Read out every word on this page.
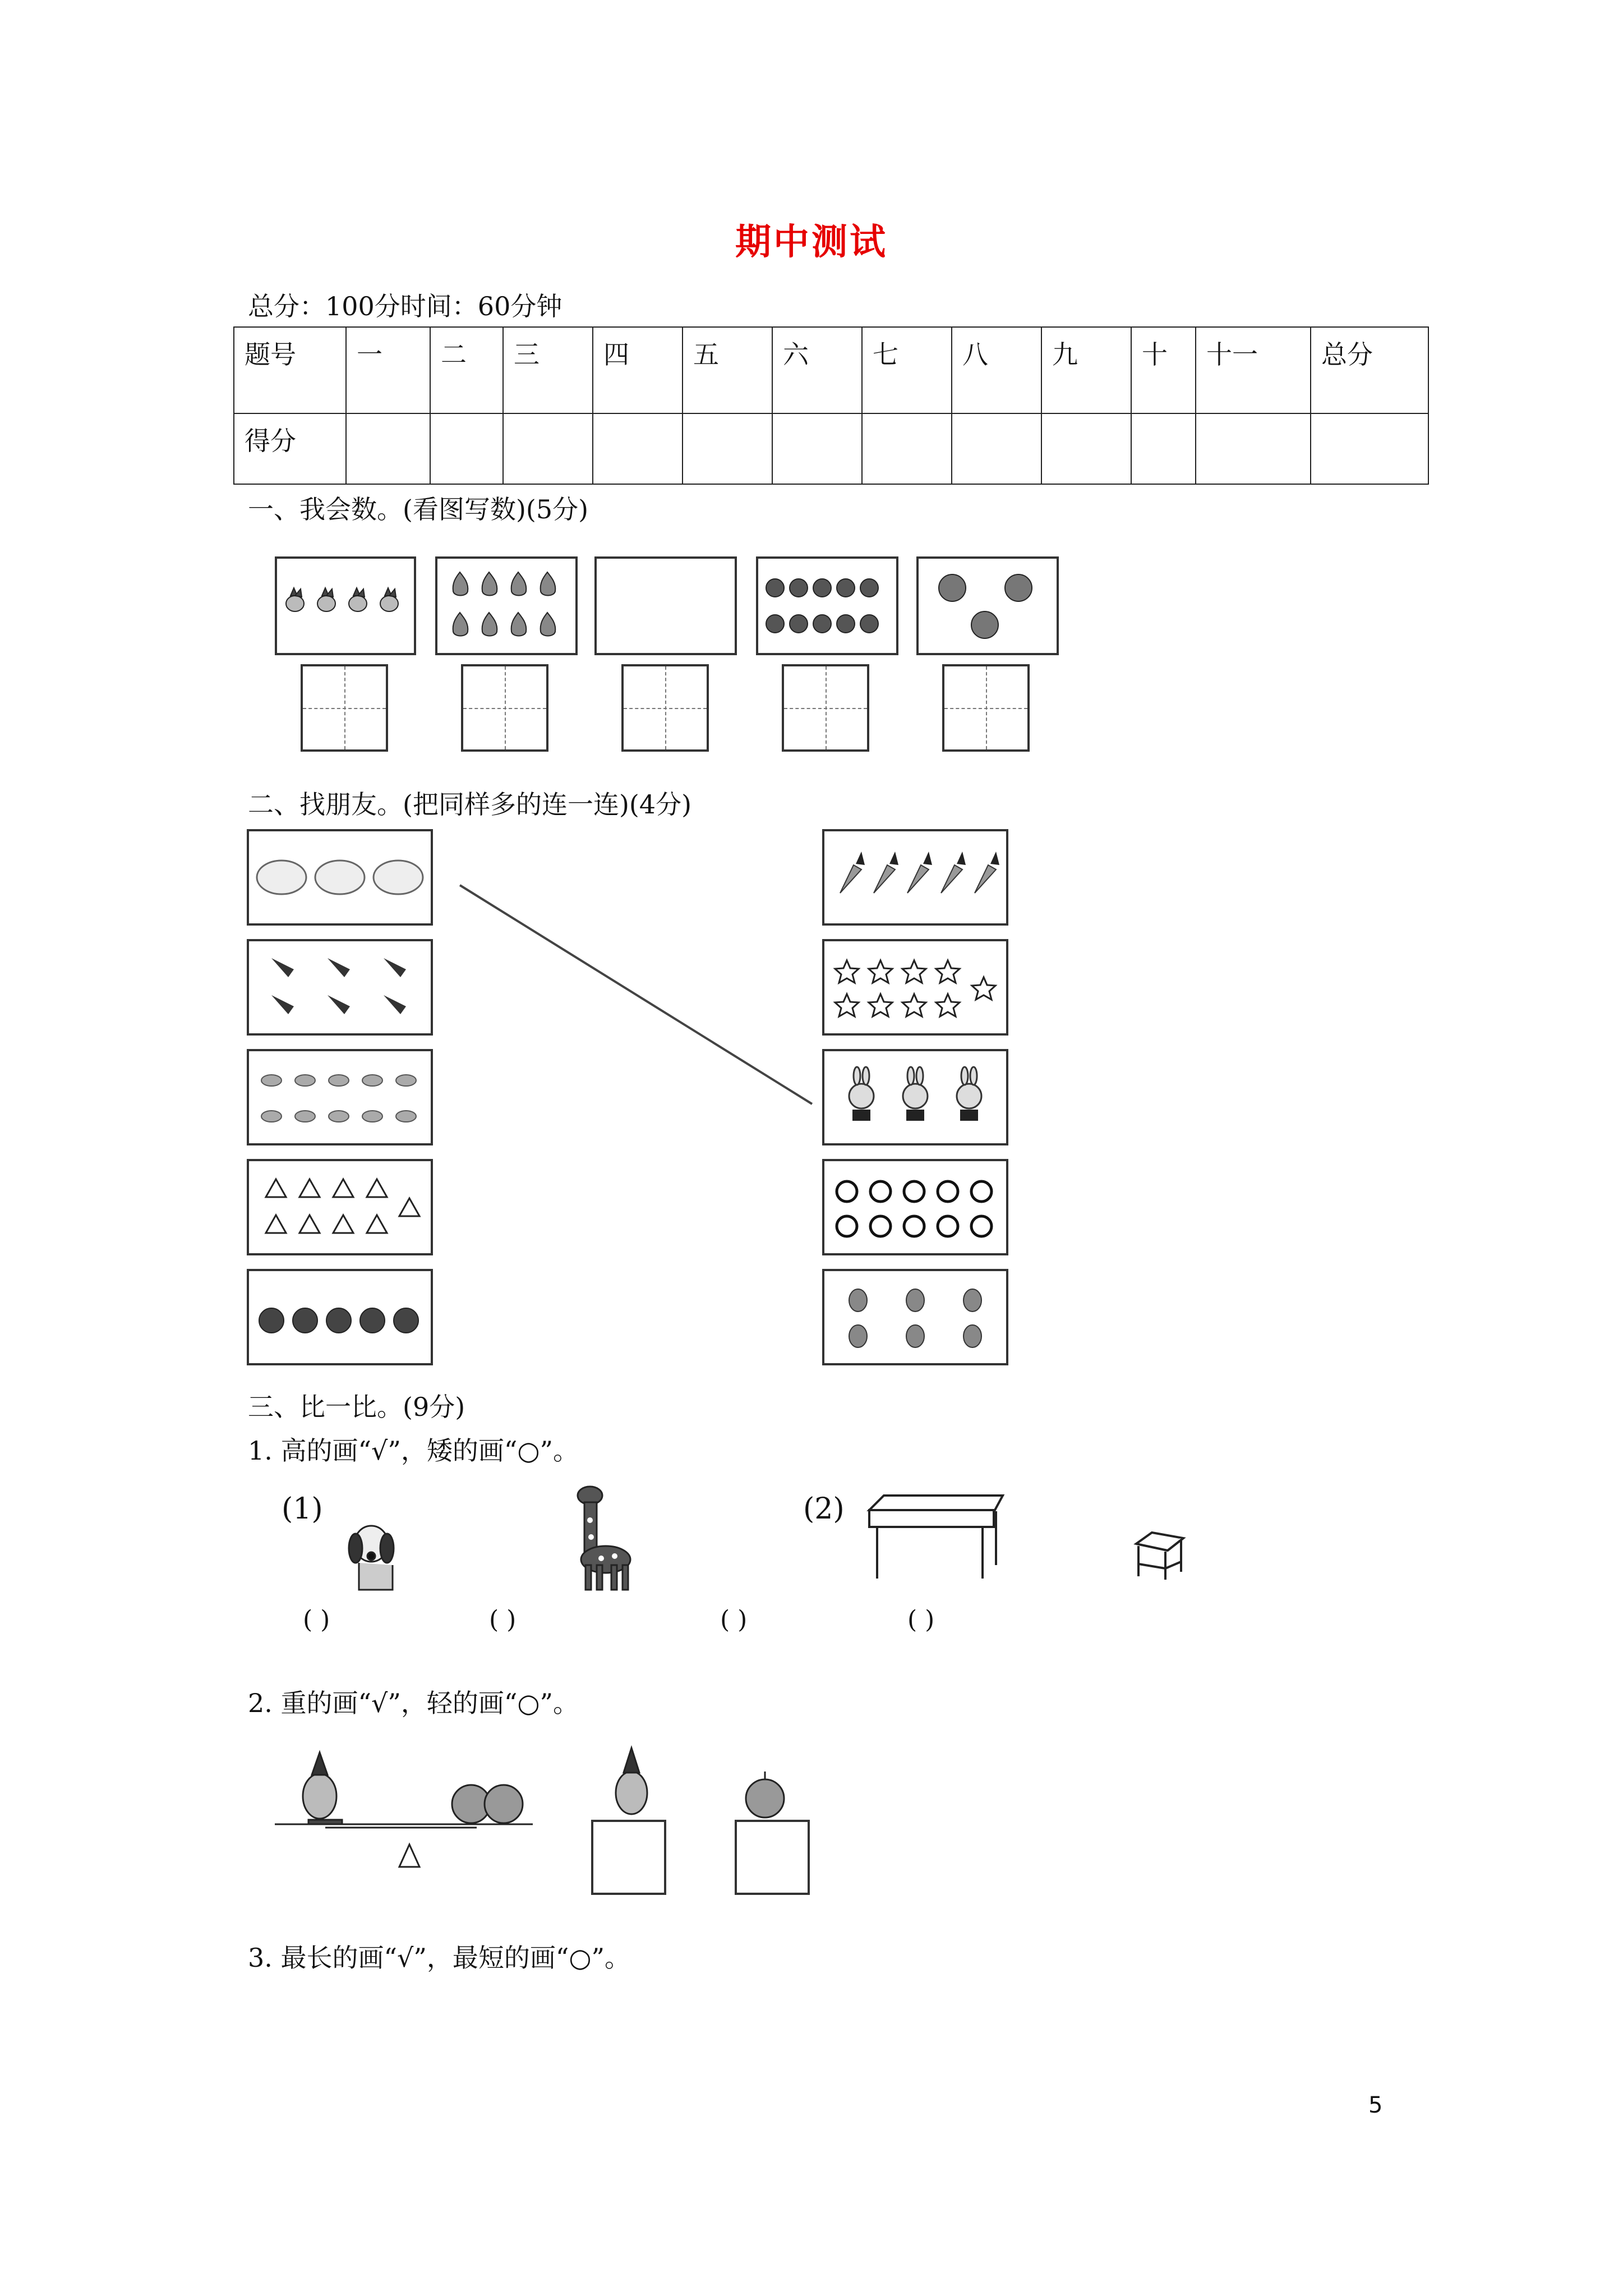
期中测试
总分：100分时间：60分钟
题号	一	二	三	四	五	六	七	八	九	十	十一	总分
得分												
一、我会数。(看图写数)(5分)
二、找朋友。(把同样多的连一连)(4分)
三、比一比。(9分)
1. 高的画“√”，矮的画“○”。
(1)	(2)
( )	( )	( )	( )
2. 重的画“√”，轻的画“○”。
3. 最长的画“√”，最短的画“○”。
5
